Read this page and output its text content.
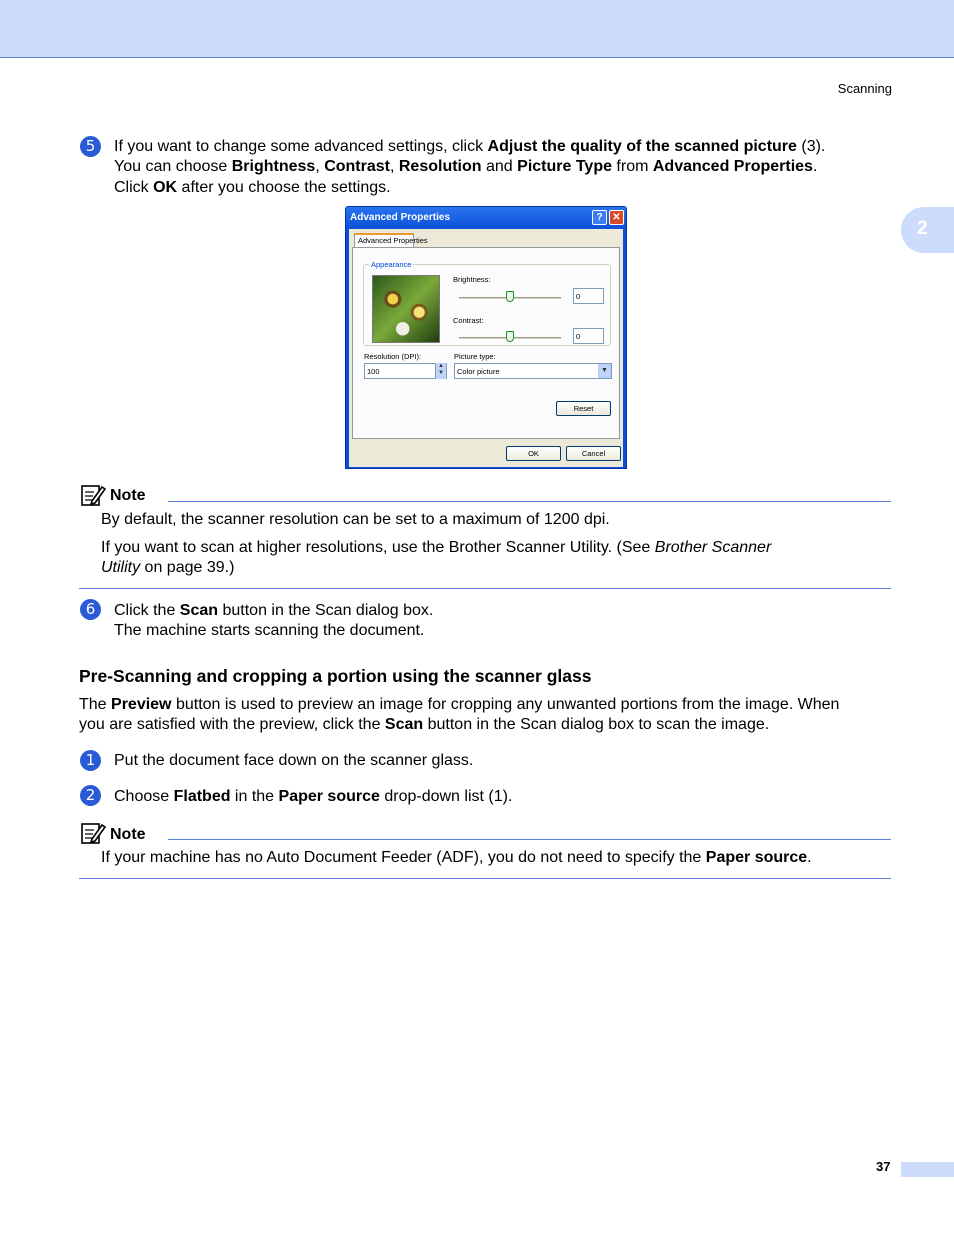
Scanning
2
5	If you want to change some advanced settings, click Adjust the quality of the scanned picture (3).
You can choose Brightness, Contrast, Resolution and Picture Type from Advanced Properties.
Click OK after you choose the settings.
Advanced Properties	? ✕
Advanced Properties
Appearance
Brightness:
0
Contrast:
0
Resolution (DPI):
100
▲
▼
Picture type:
Color picture	▼
Reset
OK	Cancel
Note
By default, the scanner resolution can be set to a maximum of 1200 dpi.
If you want to scan at higher resolutions, use the Brother Scanner Utility. (See Brother Scanner
Utility on page 39.)
6	Click the Scan button in the Scan dialog box.
The machine starts scanning the document.
Pre-Scanning and cropping a portion using the scanner glass
The Preview button is used to preview an image for cropping any unwanted portions from the image. When
you are satisfied with the preview, click the Scan button in the Scan dialog box to scan the image.
1	Put the document face down on the scanner glass.
2	Choose Flatbed in the Paper source drop-down list (1).
Note
If your machine has no Auto Document Feeder (ADF), you do not need to specify the Paper source.
37
